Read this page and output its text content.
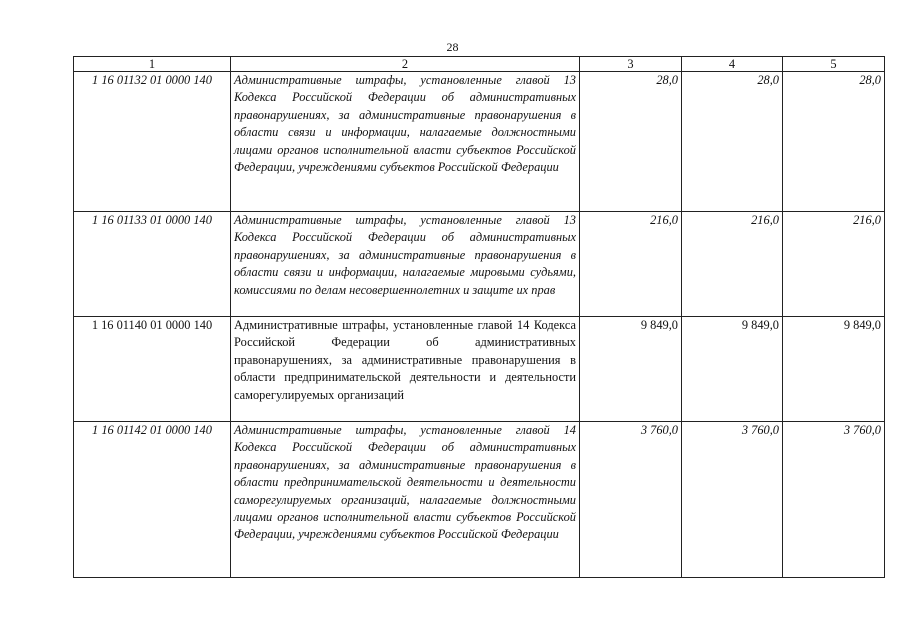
28
1	2	3	4	5
1 16 01132 01 0000 140	Административные штрафы, установленные главой 13 Кодекса Российской Федерации об административных правонарушениях, за административные правонарушения в области связи и информации, налагаемые должностными лицами органов исполнительной власти субъектов Российской Федерации, учреждениями субъектов Российской Федерации	28,0	28,0	28,0
1 16 01133 01 0000 140	Административные штрафы, установленные главой 13 Кодекса Российской Федерации об административных правонарушениях, за административные правонарушения в области связи и информации, налагаемые мировыми судьями, комиссиями по делам несовершеннолетних и защите их прав	216,0	216,0	216,0
1 16 01140 01 0000 140	Административные штрафы, установленные главой 14 Кодекса Российской Федерации об административных правонарушениях, за административные правонарушения в области предпринимательской деятельности и деятельности саморегулируемых организаций	9 849,0	9 849,0	9 849,0
1 16 01142 01 0000 140	Административные штрафы, установленные главой 14 Кодекса Российской Федерации об административных правонарушениях, за административные правонарушения в области предпринимательской деятельности и деятельности саморегулируемых организаций, налагаемые должностными лицами органов исполнительной власти субъектов Российской Федерации, учреждениями субъектов Российской Федерации	3 760,0	3 760,0	3 760,0
